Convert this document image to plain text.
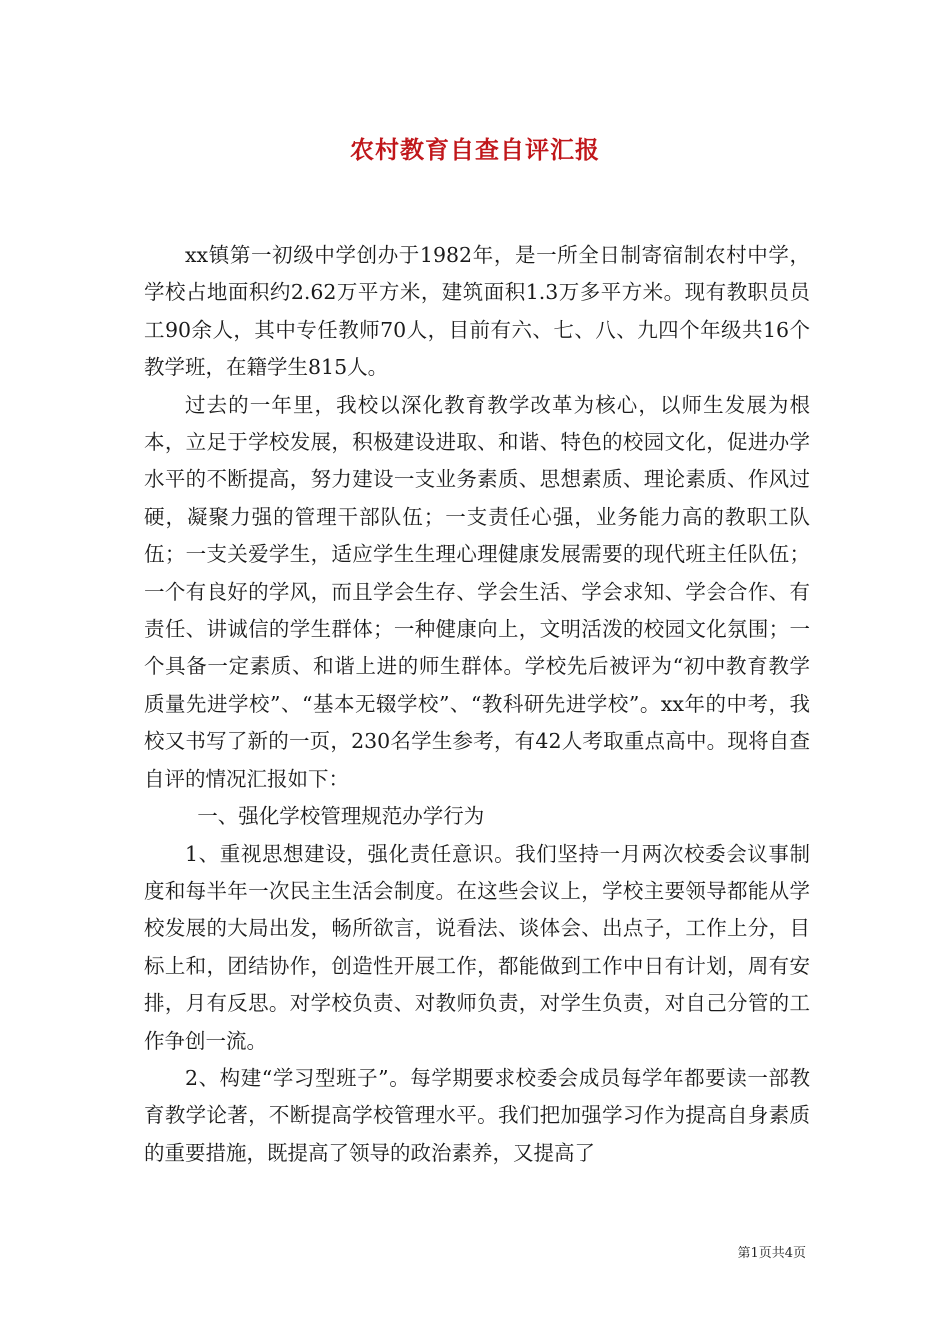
农村教育自查自评汇报

xx镇第一初级中学创办于1982年，是一所全日制寄宿制农村中学，学校占地面积约2.62万平方米，建筑面积1.3万多平方米。现有教职员员工90余人，其中专任教师70人，目前有六、七、八、九四个年级共16个教学班，在籍学生815人。

过去的一年里，我校以深化教育教学改革为核心，以师生发展为根本，立足于学校发展，积极建设进取、和谐、特色的校园文化，促进办学水平的不断提高，努力建设一支业务素质、思想素质、理论素质、作风过硬，凝聚力强的管理干部队伍；一支责任心强，业务能力高的教职工队伍；一支关爱学生，适应学生生理心理健康发展需要的现代班主任队伍；一个有良好的学风，而且学会生存、学会生活、学会求知、学会合作、有责任、讲诚信的学生群体；一种健康向上，文明活泼的校园文化氛围；一个具备一定素质、和谐上进的师生群体。学校先后被评为“初中教育教学质量先进学校”、“基本无辍学校”、“教科研先进学校”。xx年的中考，我校又书写了新的一页，230名学生参考，有42人考取重点高中。现将自查自评的情况汇报如下：

一、强化学校管理规范办学行为

1、重视思想建设，强化责任意识。我们坚持一月两次校委会议事制度和每半年一次民主生活会制度。在这些会议上，学校主要领导都能从学校发展的大局出发，畅所欲言，说看法、谈体会、出点子，工作上分，目标上和，团结协作，创造性开展工作，都能做到工作中日有计划，周有安排，月有反思。对学校负责、对教师负责，对学生负责，对自己分管的工作争创一流。

2、构建“学习型班子”。每学期要求校委会成员每学年都要读一部教育教学论著，不断提高学校管理水平。我们把加强学习作为提高自身素质的重要措施，既提高了领导的政治素养，又提高了

第1页共4页
